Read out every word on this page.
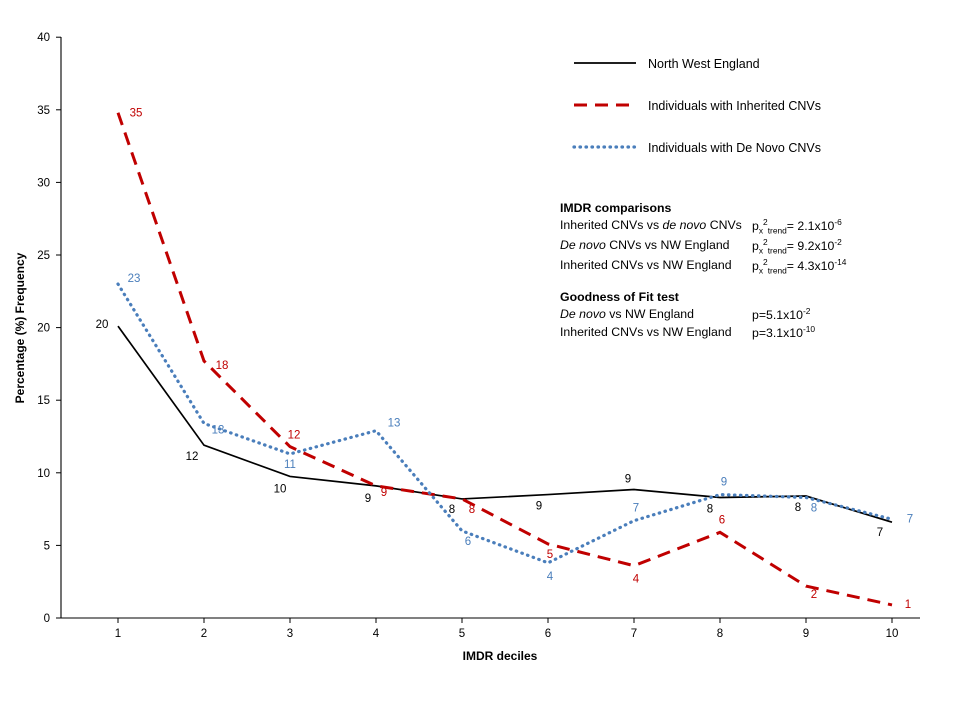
0
5
10
15
20
25
30
35
40
1	2	3	4	5	6	7	8	9	10
IMDR deciles
Percentage (%) Frequency	20
12
10
9
8	9
9
8	8
7
35
18
12
9
8
5
4
6
2
1
23
13
11
13
6
4
7
9
8
7
North West England
Individuals with Inherited CNVs
Individuals with De Novo CNVs
IMDR comparisons
Inherited CNVs vs de novo CNVs $p_x^2_{trend}= 2.1x10^{-6}$
De novo CNVs vs NW England	$p_x^2_{trend}= 9.2x10^{-2}$
Inherited CNVs vs NW England	$p_x^2_{trend}= 4.3x10^{-14}$
Goodness of Fit test
De novo vs NW England	$p=5.1x10^{-2}$
Inherited CNVs vs NW England	$p=3.1x10^{-10}$
